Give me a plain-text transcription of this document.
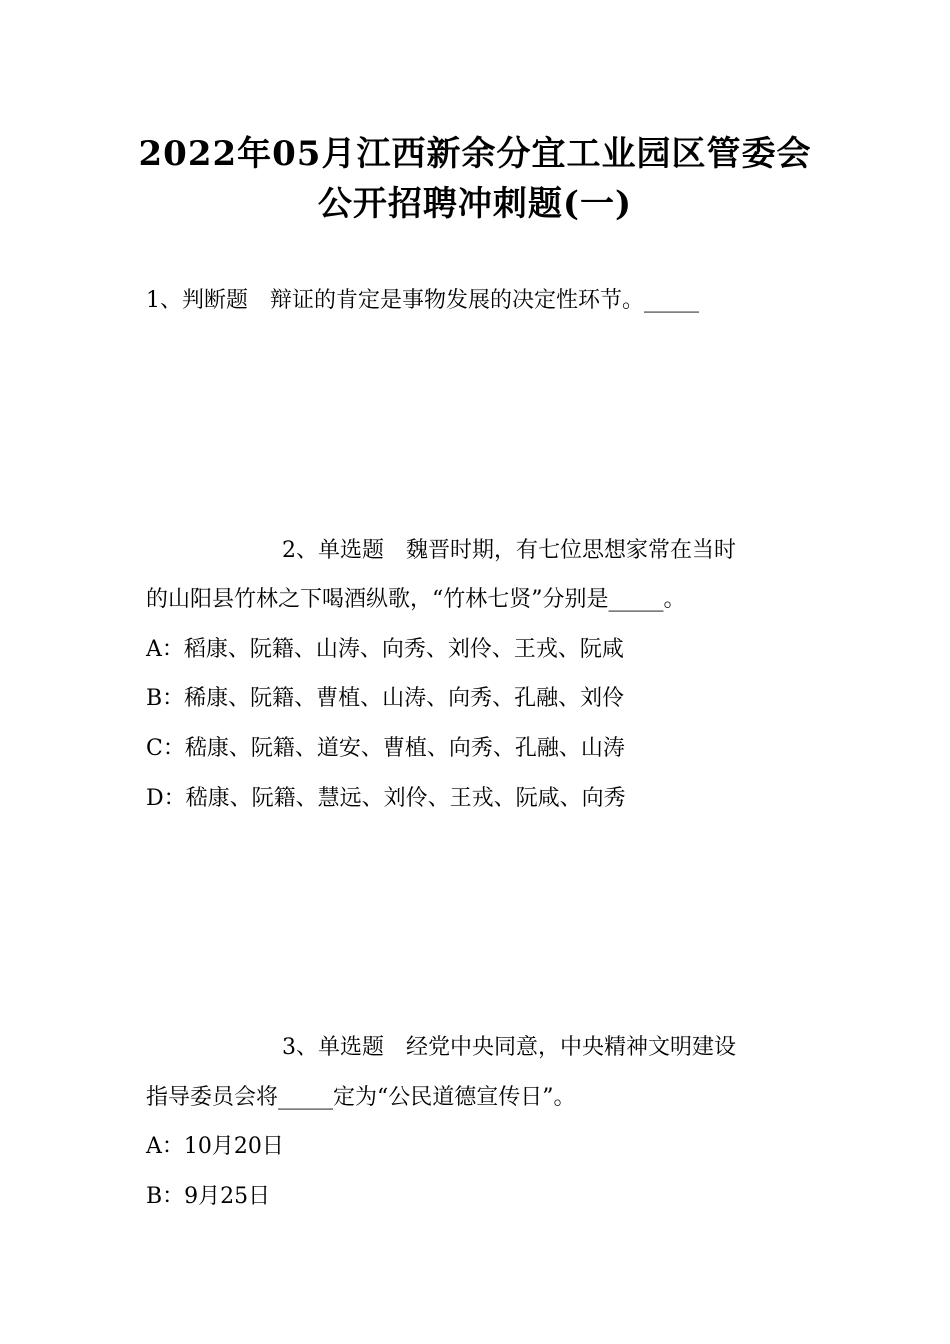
2022年05月江西新余分宜工业园区管委会
公开招聘冲刺题(一)
1、判断题 辩证的肯定是事物发展的决定性环节。_____
2、单选题 魏晋时期，有七位思想家常在当时
的山阳县竹林之下喝酒纵歌，“竹林七贤”分别是_____。
A：稻康、阮籍、山涛、向秀、刘伶、王戎、阮咸
B：稀康、阮籍、曹植、山涛、向秀、孔融、刘伶
C：嵇康、阮籍、道安、曹植、向秀、孔融、山涛
D：嵇康、阮籍、慧远、刘伶、王戎、阮咸、向秀
3、单选题 经党中央同意，中央精神文明建设
指导委员会将_____定为“公民道德宣传日”。
A：10月20日
B：9月25日
